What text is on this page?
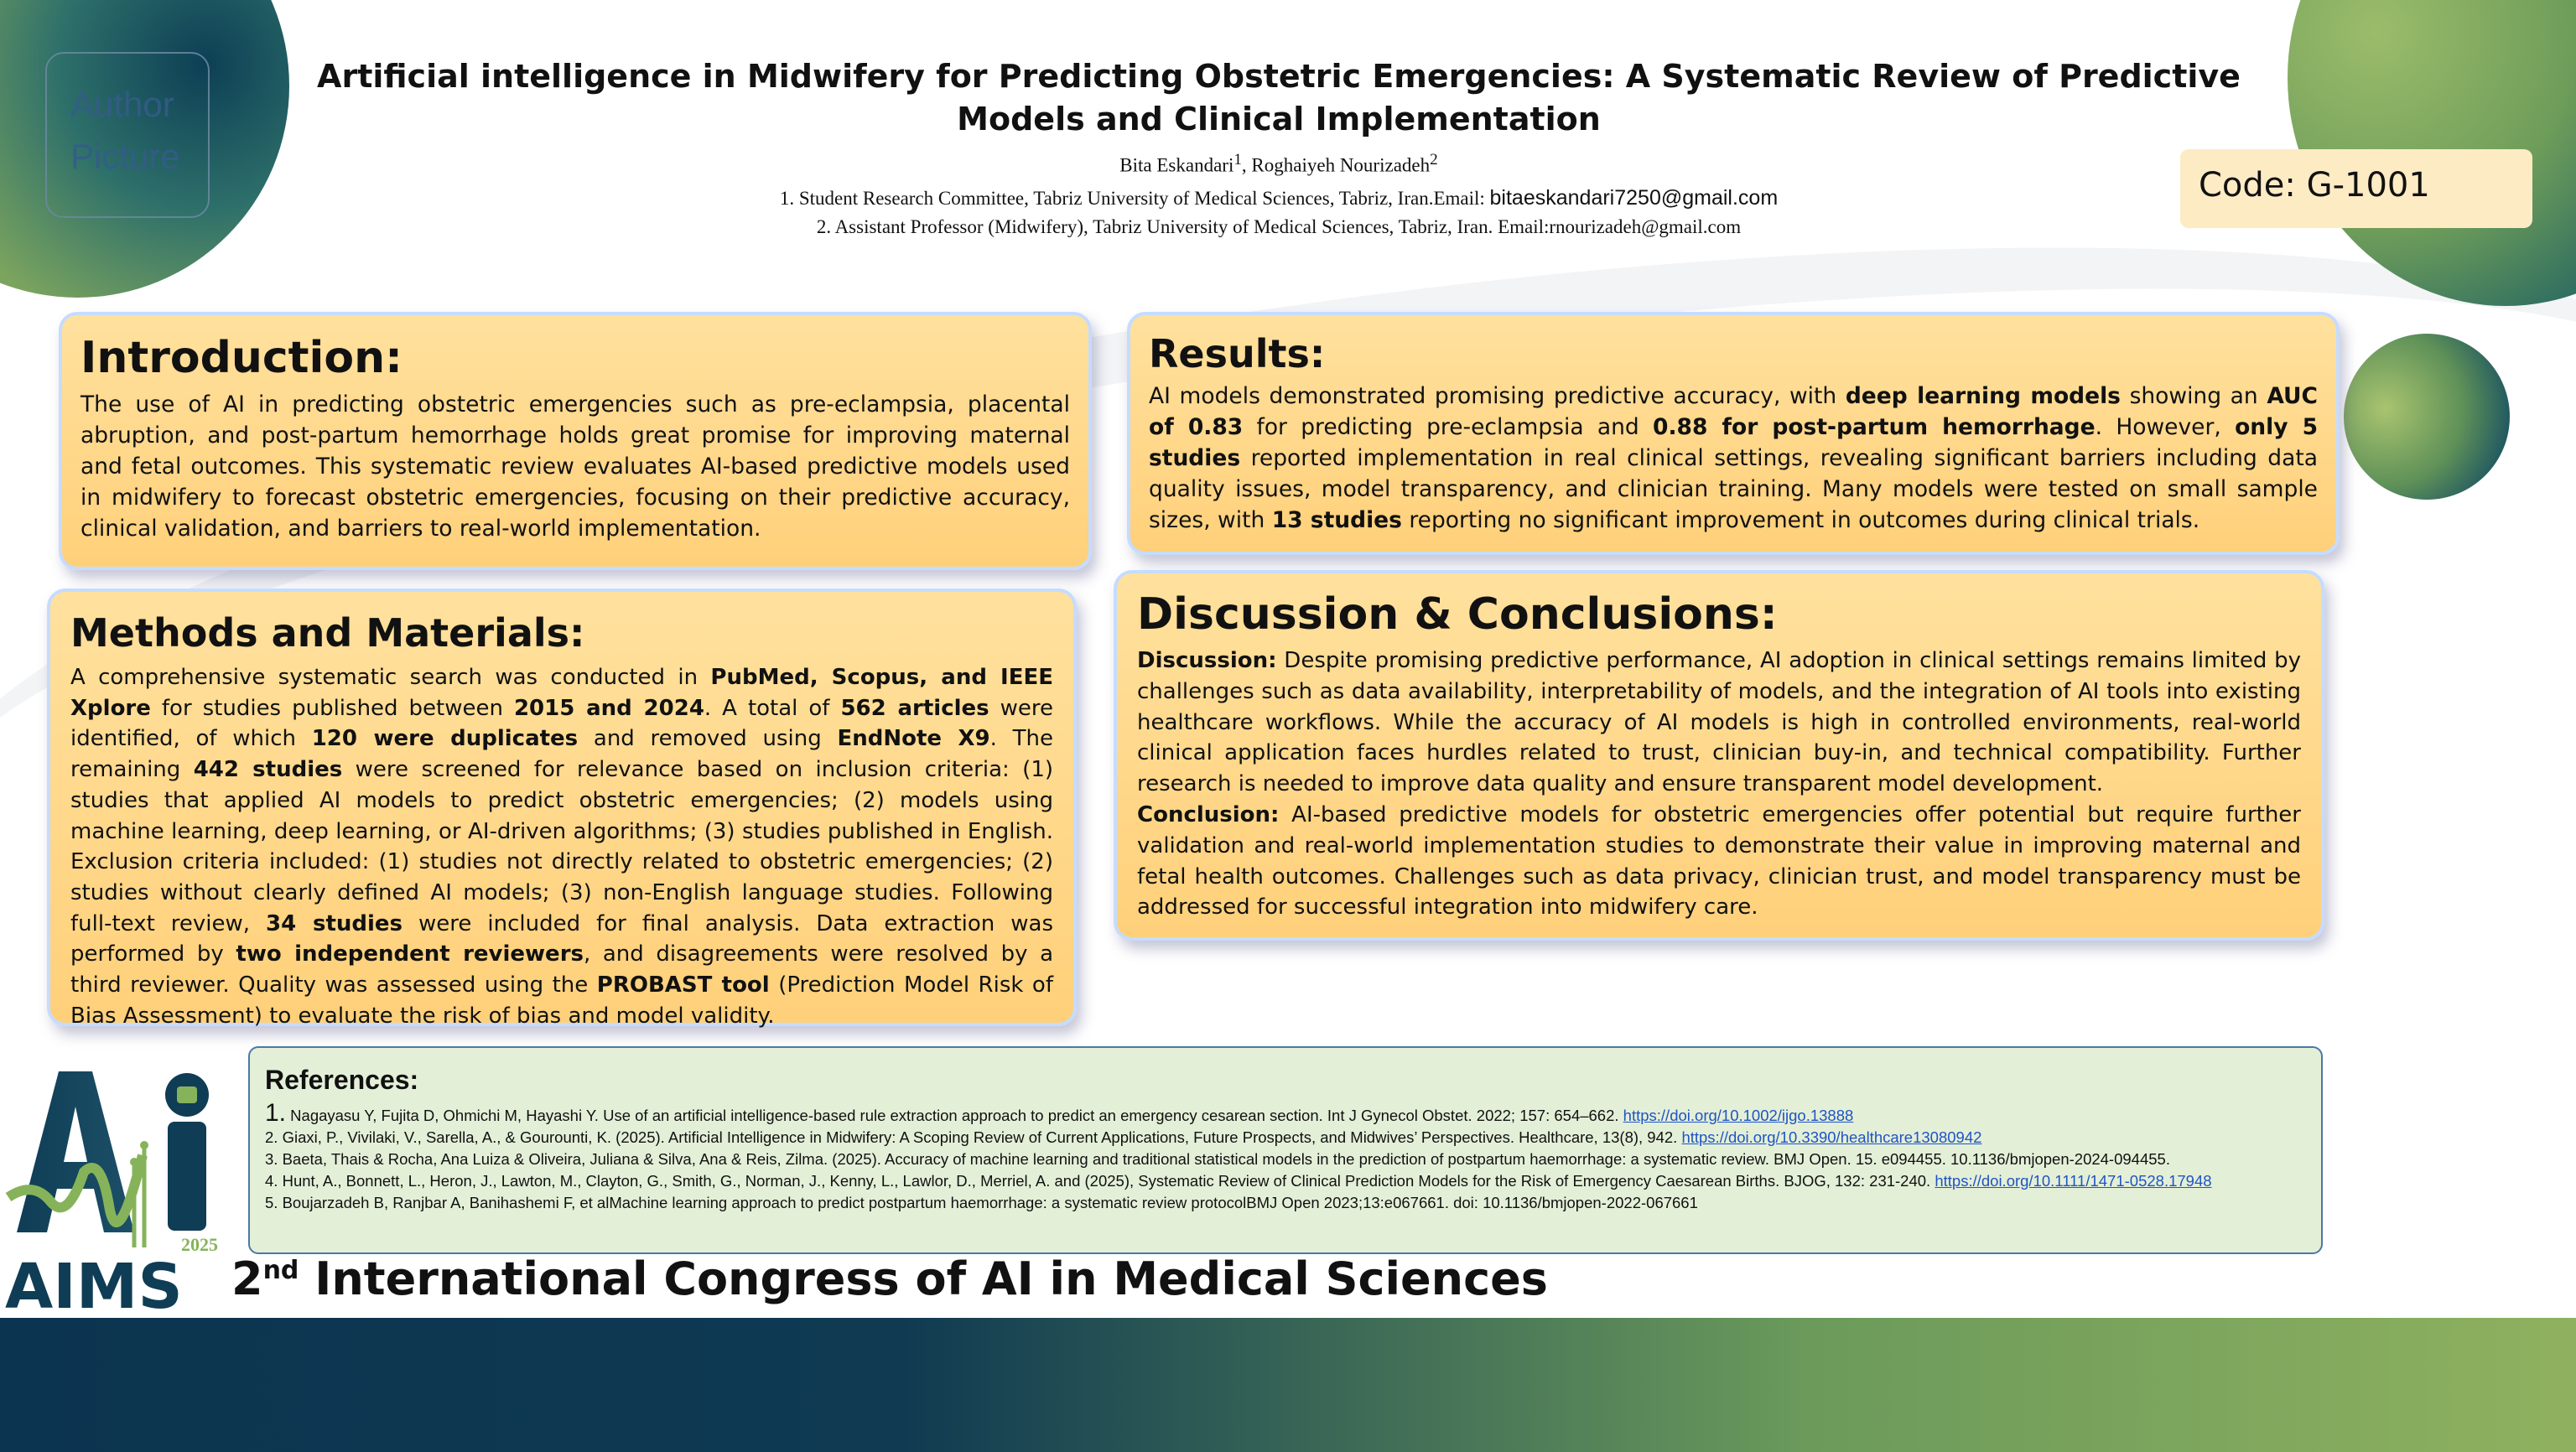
Author Picture
Artificial intelligence in Midwifery for Predicting Obstetric Emergencies: A Systematic Review of Predictive Models and Clinical Implementation
Bita Eskandari$^1$, Roghaiyeh Nourizadeh$^2$
1. Student Research Committee, Tabriz University of Medical Sciences, Tabriz, Iran.Email: bitaeskandari7250@gmail.com
2. Assistant Professor (Midwifery), Tabriz University of Medical Sciences, Tabriz, Iran. Email:rnourizadeh@gmail.com
Code: G-1001
Introduction:

The use of AI in predicting obstetric emergencies such as pre-eclampsia, placental abruption, and post-partum hemorrhage holds great promise for improving maternal and fetal outcomes. This systematic review evaluates AI-based predictive models used in midwifery to forecast obstetric emergencies, focusing on their predictive accuracy, clinical validation, and barriers to real-world implementation.

Methods and Materials:

A comprehensive systematic search was conducted in PubMed, Scopus, and IEEE Xplore for studies published between 2015 and 2024. A total of 562 articles were identified, of which 120 were duplicates and removed using EndNote X9. The remaining 442 studies were screened for relevance based on inclusion criteria: (1) studies that applied AI models to predict obstetric emergencies; (2) models using machine learning, deep learning, or AI-driven algorithms; (3) studies published in English. Exclusion criteria included: (1) studies not directly related to obstetric emergencies; (2) studies without clearly defined AI models; (3) non-English language studies. Following full-text review, 34 studies were included for final analysis. Data extraction was performed by two independent reviewers, and disagreements were resolved by a third reviewer. Quality was assessed using the PROBAST tool (Prediction Model Risk of Bias Assessment) to evaluate the risk of bias and model validity.

Results:

AI models demonstrated promising predictive accuracy, with deep learning models showing an AUC of 0.83 for predicting pre-eclampsia and 0.88 for post-partum hemorrhage. However, only 5 studies reported implementation in real clinical settings, revealing significant barriers including data quality issues, model transparency, and clinician training. Many models were tested on small sample sizes, with 13 studies reporting no significant improvement in outcomes during clinical trials.

Discussion & Conclusions:

Discussion: Despite promising predictive performance, AI adoption in clinical settings remains limited by challenges such as data availability, interpretability of models, and the integration of AI tools into existing healthcare workflows. While the accuracy of AI models is high in controlled environments, real-world clinical application faces hurdles related to trust, clinician buy-in, and technical compatibility. Further research is needed to improve data quality and ensure transparent model development.

Conclusion: AI-based predictive models for obstetric emergencies offer potential but require further validation and real-world implementation studies to demonstrate their value in improving maternal and fetal health outcomes. Challenges such as data privacy, clinician trust, and model transparency must be addressed for successful integration into midwifery care.

References:

1. Nagayasu Y, Fujita D, Ohmichi M, Hayashi Y. Use of an artificial intelligence-based rule extraction approach to predict an emergency cesarean section. Int J Gynecol Obstet. 2022; 157: 654–662. https://doi.org/10.1002/ijgo.13888

2. Giaxi, P., Vivilaki, V., Sarella, A., & Gourounti, K. (2025). Artificial Intelligence in Midwifery: A Scoping Review of Current Applications, Future Prospects, and Midwives’ Perspectives. Healthcare, 13(8), 942. https://doi.org/10.3390/healthcare13080942

3. Baeta, Thais & Rocha, Ana Luiza & Oliveira, Juliana & Silva, Ana & Reis, Zilma. (2025). Accuracy of machine learning and traditional statistical models in the prediction of postpartum haemorrhage: a systematic review. BMJ Open. 15. e094455. 10.1136/bmjopen-2024-094455.

4. Hunt, A., Bonnett, L., Heron, J., Lawton, M., Clayton, G., Smith, G., Norman, J., Kenny, L., Lawlor, D., Merriel, A. and (2025), Systematic Review of Clinical Prediction Models for the Risk of Emergency Caesarean Births. BJOG, 132: 231-240. https://doi.org/10.1111/1471-0528.17948

5. Boujarzadeh B, Ranjbar A, Banihashemi F, et alMachine learning approach to predict postpartum haemorrhage: a systematic review protocolBMJ Open 2023;13:e067661. doi: 10.1136/bmjopen-2022-067661

2025
AIMS 2nd International Congress of AI in Medical Sciences
